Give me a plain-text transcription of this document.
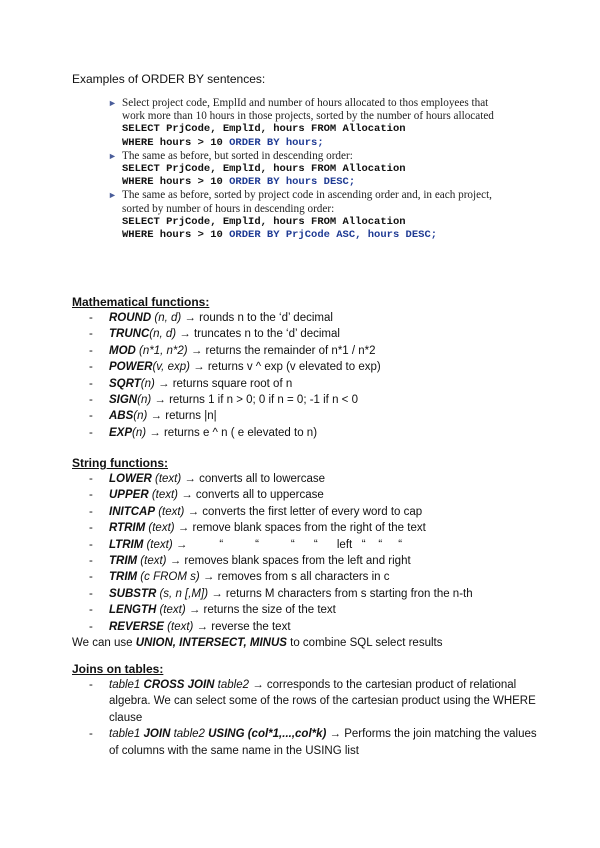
Examples of ORDER BY sentences:
► Select project code, EmplId and number of hours allocated to thos employees that work more than 10 hours in those projects, sorted by the number of hours allocated
SELECT PrjCode, EmplId, hours FROM Allocation
WHERE hours > 10 ORDER BY hours;
► The same as before, but sorted in descending order:
SELECT PrjCode, EmplId, hours FROM Allocation
WHERE hours > 10 ORDER BY hours DESC;
► The same as before, sorted by project code in ascending order and, in each project, sorted by number of hours in descending order:
SELECT PrjCode, EmplId, hours FROM Allocation
WHERE hours > 10 ORDER BY PrjCode ASC, hours DESC;
Mathematical functions:
- ROUND (n, d) → rounds n to the ‘d’ decimal
- TRUNC(n, d) → truncates n to the ‘d’ decimal
- MOD (n*1, n*2) → returns the remainder of n*1 / n*2
- POWER(v, exp) → returns v ^ exp (v elevated to exp)
- SQRT(n) → returns square root of n
- SIGN(n) → returns 1 if n > 0; 0 if n = 0; -1 if n < 0
- ABS(n) → returns |n|
- EXP(n) → returns e ^ n ( e elevated to n)
String functions:
- LOWER (text) → converts all to lowercase
- UPPER (text) → converts all to uppercase
- INITCAP (text) → converts the first letter of every word to cap
- RTRIM (text) → remove blank spaces from the right of the text
- LTRIM (text) →          “          “          “      “      left   “    “     “
- TRIM (text) → removes blank spaces from the left and right
- TRIM (c FROM s) → removes from s all characters in c
- SUBSTR (s, n [,M]) → returns M characters from s starting fron the n-th
- LENGTH (text) → returns the size of the text
- REVERSE (text) → reverse the text
We can use UNION, INTERSECT, MINUS to combine SQL select results
Joins on tables:
- table1 CROSS JOIN table2 → corresponds to the cartesian product of relational algebra. We can select some of the rows of the cartesian product using the WHERE clause
- table1 JOIN table2 USING (col*1,...,col*k) → Performs the join matching the values of columns with the same name in the USING list
